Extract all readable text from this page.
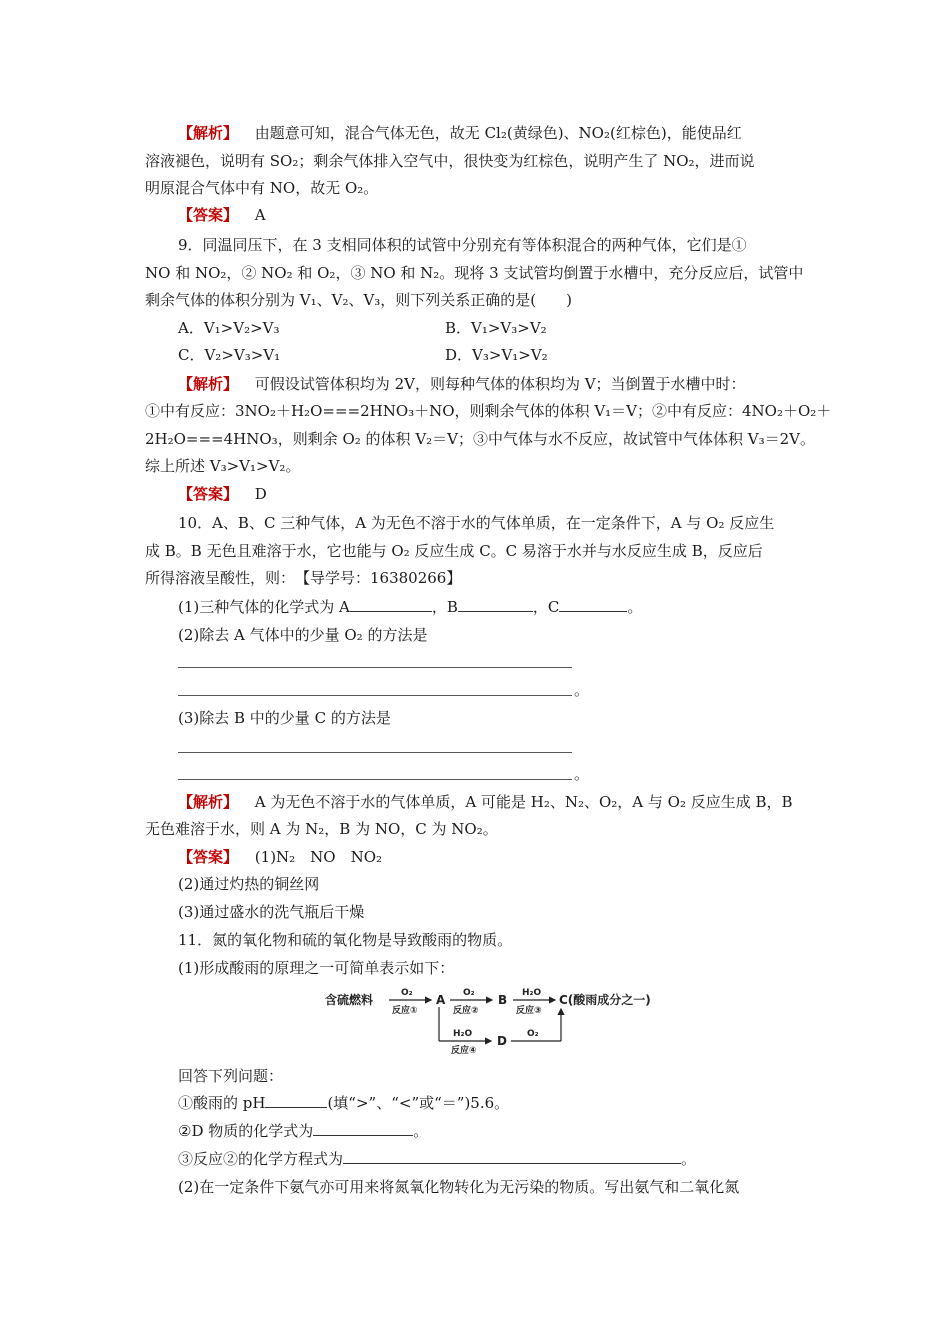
【解析】 由题意可知，混合气体无色，故无 Cl₂(黄绿色)、NO₂(红棕色)，能使品红
溶液褪色，说明有 SO₂；剩余气体排入空气中，很快变为红棕色，说明产生了 NO₂，进而说
明原混合气体中有 NO，故无 O₂。
【答案】 A
9．同温同压下，在 3 支相同体积的试管中分别充有等体积混合的两种气体，它们是①
NO 和 NO₂，② NO₂ 和 O₂，③ NO 和 N₂。现将 3 支试管均倒置于水槽中，充分反应后，试管中
剩余气体的体积分别为 V₁、V₂、V₃，则下列关系正确的是(　　)
A．V₁>V₂>V₃	B．V₁>V₃>V₂
C．V₂>V₃>V₁	D．V₃>V₁>V₂
【解析】 可假设试管体积均为 2V，则每种气体的体积均为 V；当倒置于水槽中时：
①中有反应：3NO₂＋H₂O===2HNO₃＋NO，则剩余气体的体积 V₁＝V；②中有反应：4NO₂＋O₂＋
2H₂O===4HNO₃，则剩余 O₂ 的体积 V₂＝V；③中气体与水不反应，故试管中气体体积 V₃＝2V。
综上所述 V₃>V₁>V₂。
【答案】 D
10．A、B、C 三种气体，A 为无色不溶于水的气体单质，在一定条件下，A 与 O₂ 反应生
成 B。B 无色且难溶于水，它也能与 O₂ 反应生成 C。C 易溶于水并与水反应生成 B，反应后
所得溶液呈酸性，则：　【导学号：16380266】
(1)三种气体的化学式为 A	，B	，C	。
(2)除去 A 气体中的少量 O₂ 的方法是
。
(3)除去 B 中的少量 C 的方法是
。
【解析】 A 为无色不溶于水的气体单质，A 可能是 H₂、N₂、O₂，A 与 O₂ 反应生成 B，B
无色难溶于水，则 A 为 N₂，B 为 NO，C 为 NO₂。
【答案】 (1)N₂　NO　NO₂
(2)通过灼热的铜丝网
(3)通过盛水的洗气瓶后干燥
11．氮的氧化物和硫的氧化物是导致酸雨的物质。
(1)形成酸雨的原理之一可简单表示如下：
含硫燃料	O₂
反应①
A O₂
反应②
B H₂O
反应③
C(酸雨成分之一)
H₂O
反应④
D O₂
回答下列问题：
①酸雨的 pH	(填“>”、“<”或“＝”)5.6。
②D 物质的化学式为	。
③反应②的化学方程式为	。
(2)在一定条件下氨气亦可用来将氮氧化物转化为无污染的物质。写出氨气和二氧化氮
